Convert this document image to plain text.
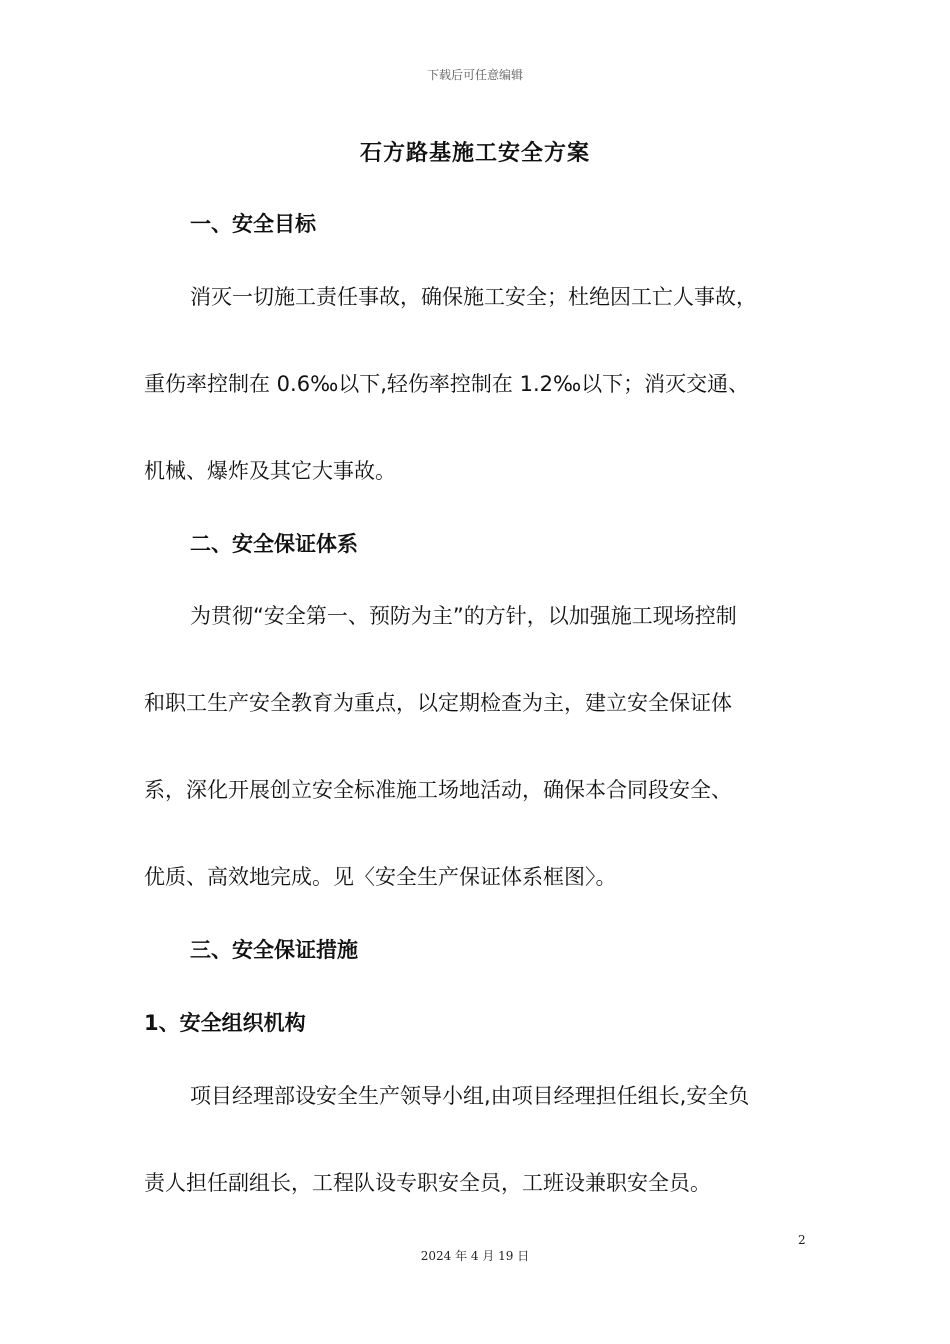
下载后可任意编辑
石方路基施工安全方案
一、安全目标
消灭一切施工责任事故，确保施工安全；杜绝因工亡人事故，
重伤率控制在 0.6‰以下,轻伤率控制在 1.2‰以下；消灭交通、
机械、爆炸及其它大事故。
二、安全保证体系
为贯彻“安全第一、预防为主”的方针，以加强施工现场控制
和职工生产安全教育为重点，以定期检查为主，建立安全保证体
系，深化开展创立安全标准施工场地活动，确保本合同段安全、
优质、高效地完成。见〈安全生产保证体系框图〉。
三、安全保证措施
1、安全组织机构
项目经理部设安全生产领导小组,由项目经理担任组长,安全负
责人担任副组长，工程队设专职安全员，工班设兼职安全员。
2
2024 年 4 月 19 日
